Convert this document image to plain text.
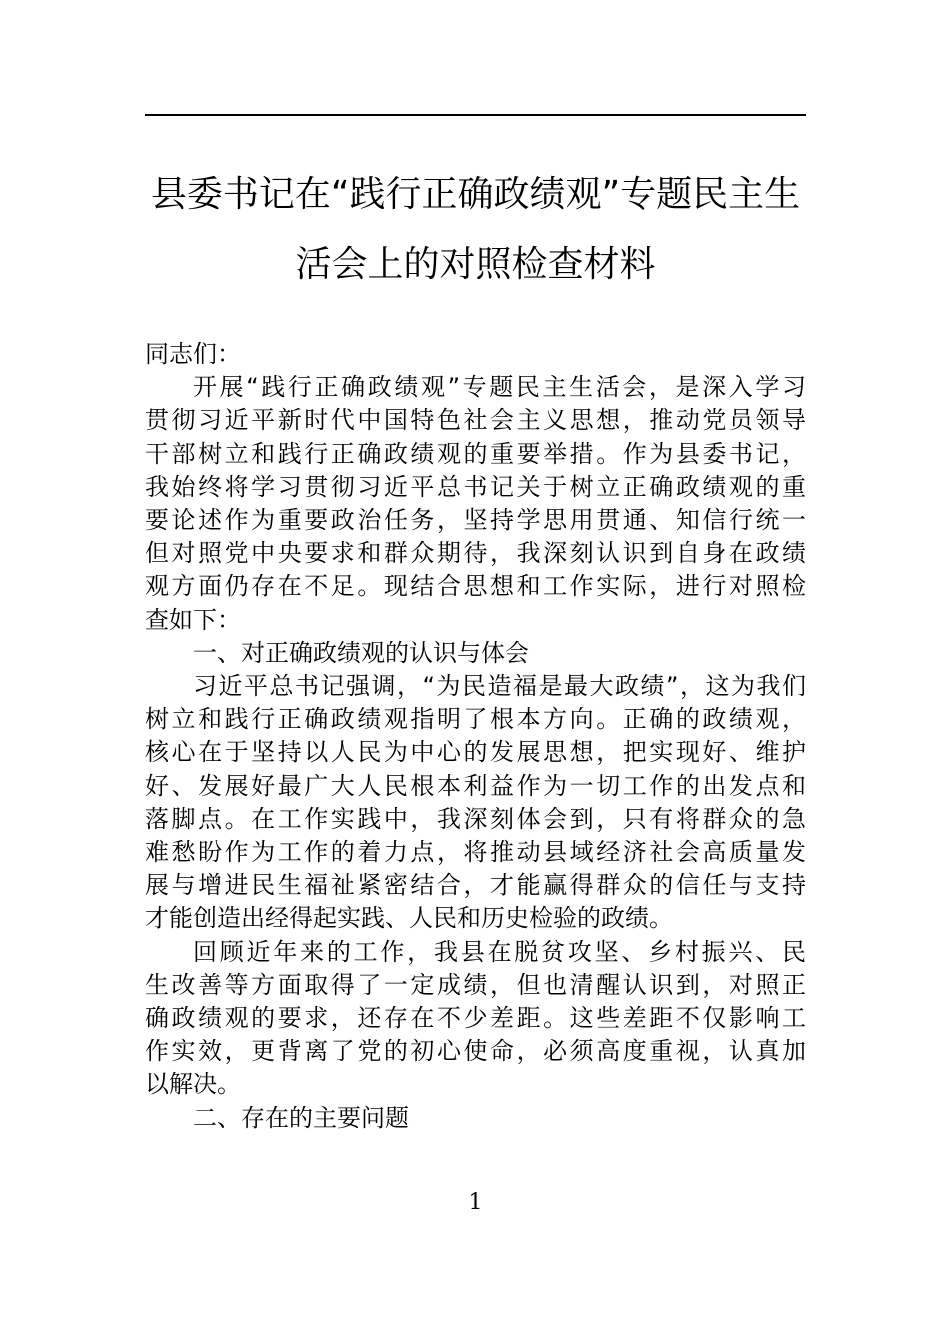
县委书记在“践行正确政绩观”专题民主生
活会上的对照检查材料

同志们：

开展“践行正确政绩观”专题民主生活会，是深入学习
贯彻习近平新时代中国特色社会主义思想，推动党员领导
干部树立和践行正确政绩观的重要举措。作为县委书记，
我始终将学习贯彻习近平总书记关于树立正确政绩观的重
要论述作为重要政治任务，坚持学思用贯通、知信行统一
但对照党中央要求和群众期待，我深刻认识到自身在政绩
观方面仍存在不足。现结合思想和工作实际，进行对照检
查如下：

一、对正确政绩观的认识与体会

习近平总书记强调，“为民造福是最大政绩”，这为我们
树立和践行正确政绩观指明了根本方向。正确的政绩观，
核心在于坚持以人民为中心的发展思想，把实现好、维护
好、发展好最广大人民根本利益作为一切工作的出发点和
落脚点。在工作实践中，我深刻体会到，只有将群众的急
难愁盼作为工作的着力点，将推动县域经济社会高质量发
展与增进民生福祉紧密结合，才能赢得群众的信任与支持
才能创造出经得起实践、人民和历史检验的政绩。

回顾近年来的工作，我县在脱贫攻坚、乡村振兴、民
生改善等方面取得了一定成绩，但也清醒认识到，对照正
确政绩观的要求，还存在不少差距。这些差距不仅影响工
作实效，更背离了党的初心使命，必须高度重视，认真加
以解决。

二、存在的主要问题

1
